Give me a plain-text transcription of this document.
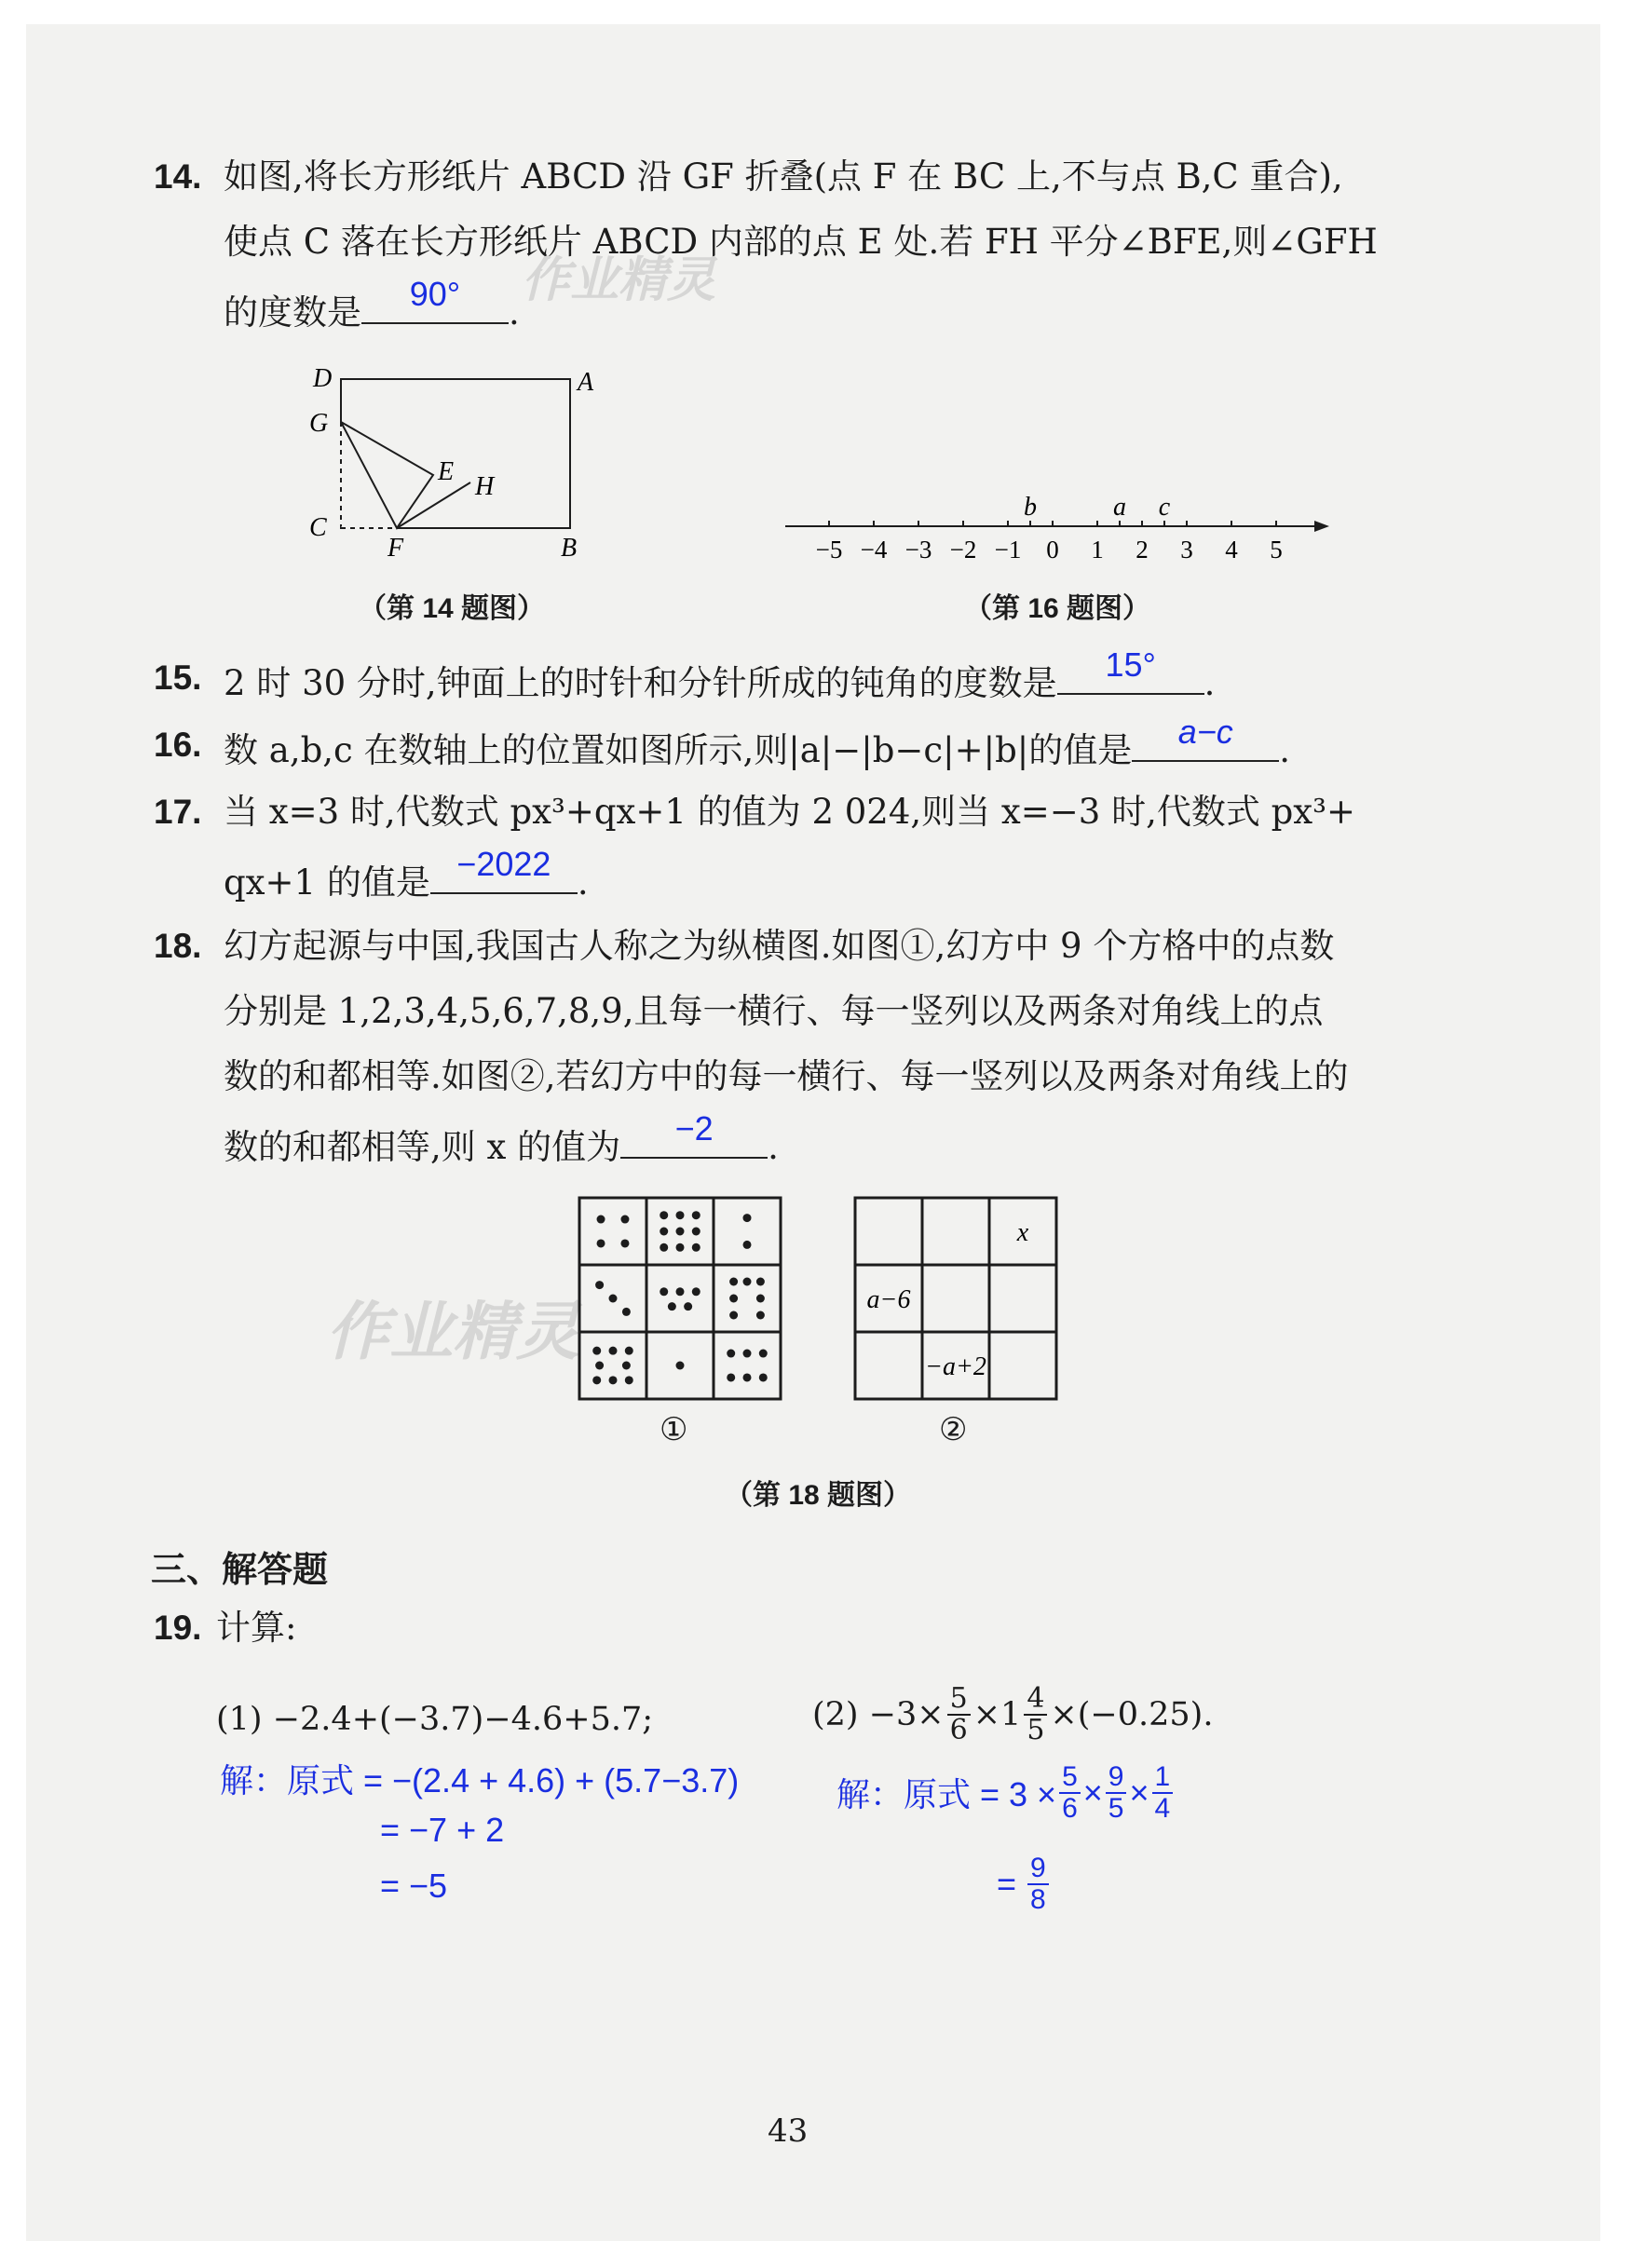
作业精灵
作业精灵
14. 如图,将长方形纸片 ABCD 沿 GF 折叠(点 F 在 BC 上,不与点 B,C 重合),
使点 C 落在长方形纸片 ABCD 内部的点 E 处.若 FH 平分∠BFE,则∠GFH
的度数是	90°	.
D	A
G
E
H
C
F	B
（第 14 题图）
−5 −4 −3 −2 −1 0 1 2 3 4 5
b	a c
（第 16 题图）
15. 2 时 30 分时,钟面上的时针和分针所成的钝角的度数是	15°	.
16. 数 a,b,c 在数轴上的位置如图所示,则|a|−|b−c|+|b|的值是	a−c	.
17. 当 x=3 时,代数式 px³+qx+1 的值为 2 024,则当 x=−3 时,代数式 px³+
qx+1 的值是 −2022 .
18. 幻方起源与中国,我国古人称之为纵横图.如图①,幻方中 9 个方格中的点数
分别是 1,2,3,4,5,6,7,8,9,且每一横行、每一竖列以及两条对角线上的点
数的和都相等.如图②,若幻方中的每一横行、每一竖列以及两条对角线上的
数的和都相等,则 x 的值为	−2	.
x
a−6
−a+2
①	②
（第 18 题图）
三、解答题
19. 计算:
(1) −2.4+(−3.7)−4.6+5.7;	$(2) -3\times \frac{5}{6} \times 1 \frac{4}{5} \times(-0.25)$.
解：原式 = −(2.4 + 4.6) + (5.7−3.7)
= −7 + 2
= −5
解：原式 = $3 \times \frac{5}{6} \times \frac{9}{5} \times \frac{1}{4}$
= $\frac{9}{8}$
43
